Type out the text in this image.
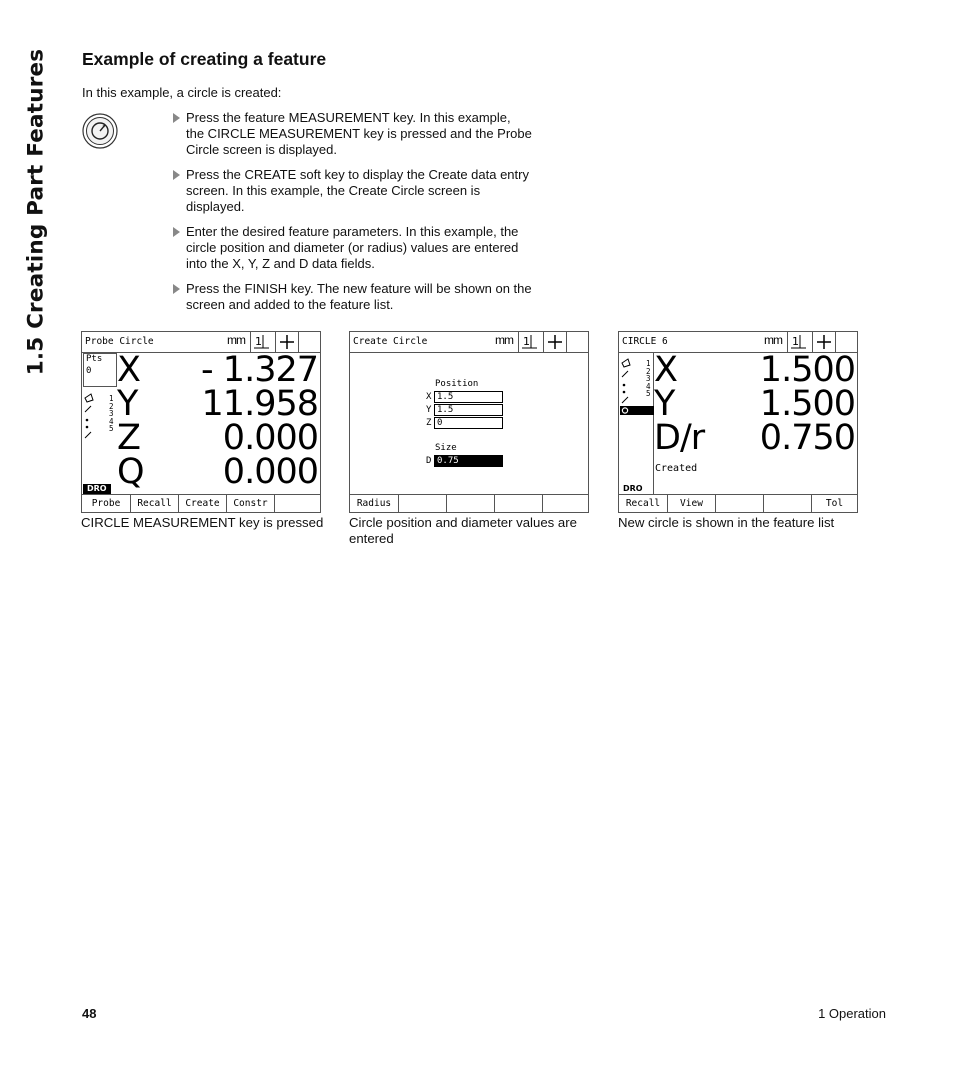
1.5 Creating Part Features Example of creating a feature
In this example, a circle is created:
Press the feature MEASUREMENT key. In this example, the CIRCLE MEASUREMENT key is pressed and the Probe Circle screen is displayed.
Press the CREATE soft key to display the Create data entry screen. In this example, the Create Circle screen is displayed.
Enter the desired feature parameters. In this example, the circle position and diameter (or radius) values are entered into the X, Y, Z and D data fields.
Press the FINISH key. The new feature will be shown on the screen and added to the feature list.
Probe Circle	mm 1
Pts
0
1
2
3
4
5
DRO
X - 1.327
Y 11.958
Z 0.000
Q 0.000
Probe	Recall	Create	Constr
Create Circle	mm 1
Position
X 1.5
Y 1.5
Z 0
Size
D 0.75
Radius
CIRCLE 6	mm 1
1
2
3
4
5
6
DRO
X 1.500
Y 1.500
D/r 0.750
Created
Recall	View	Tol
CIRCLE MEASUREMENT key is pressed	Circle position and diameter values are entered
New circle is shown in the feature list
48	1 Operation
